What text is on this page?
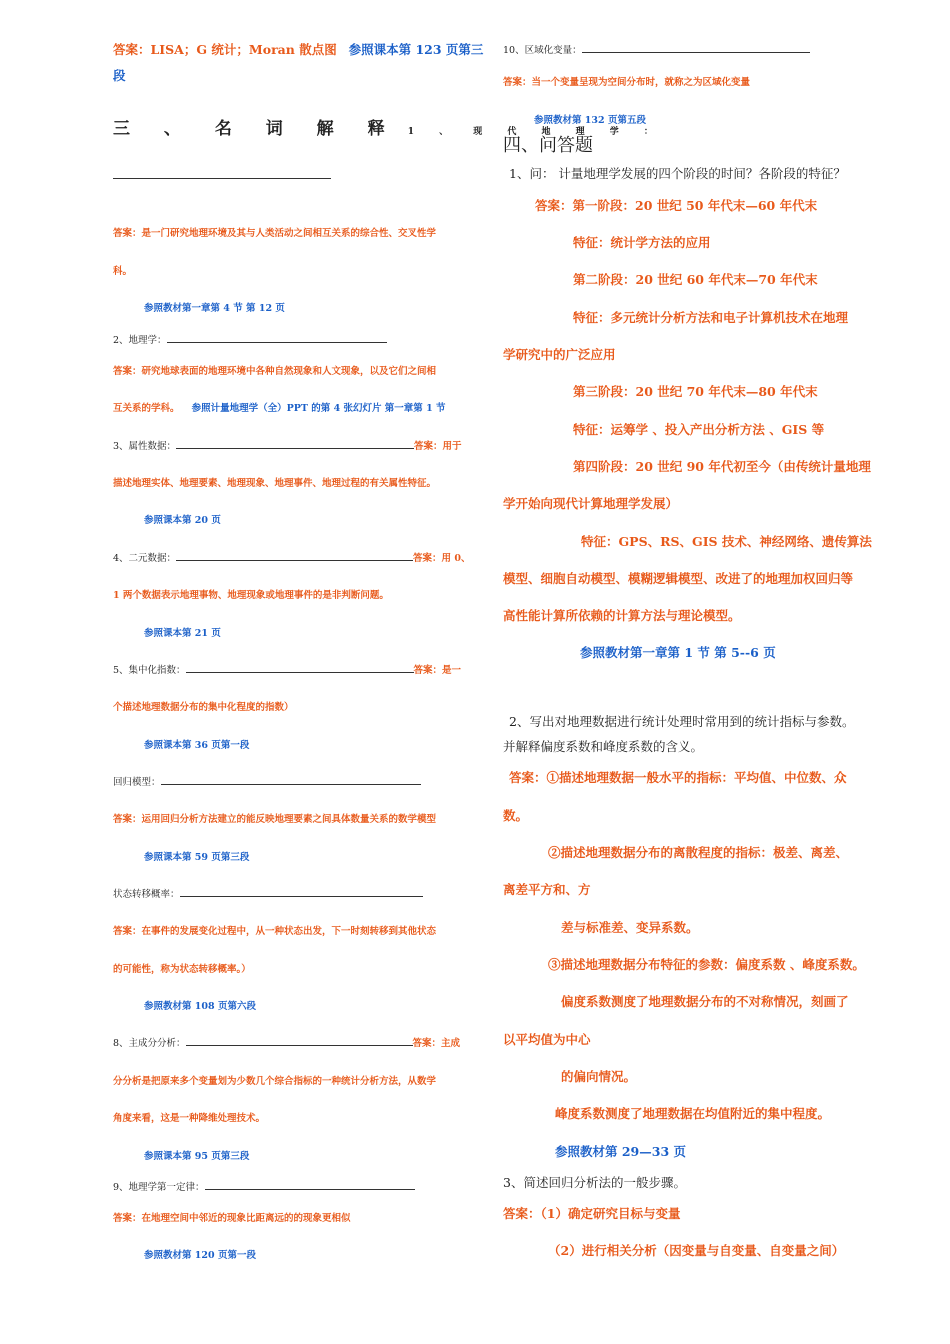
答案：LISA；G 统计；Moran 散点图 参照课本第 123 页第三
段
三 、 名 词 解 释 1 、 现 代 地 理 学 ：
答案：是一门研究地理环境及其与人类活动之间相互关系的综合性、交叉性学
科。
参照教材第一章第 4 节 第 12 页
2、地理学：
答案：研究地球表面的地理环境中各种自然现象和人文现象，以及它们之间相
互关系的学科。 参照计量地理学（全）PPT 的第 4 张幻灯片 第一章第 1 节
3、属性数据：	答案：用于
描述地理实体、地理要素、地理现象、地理事件、地理过程的有关属性特征。
参照课本第 20 页
4、二元数据：	答案：用 0、
1 两个数据表示地理事物、地理现象或地理事件的是非判断问题。
参照课本第 21 页
5、集中化指数：	答案：是一
个描述地理数据分布的集中化程度的指数）
参照课本第 36 页第一段
回归模型：
答案：运用回归分析方法建立的能反映地理要素之间具体数量关系的数学模型
参照课本第 59 页第三段
状态转移概率：
答案：在事件的发展变化过程中，从一种状态出发，下一时刻转移到其他状态
的可能性，称为状态转移概率。）
参照教材第 108 页第六段
8、主成分分析：	答案：主成
分分析是把原来多个变量划为少数几个综合指标的一种统计分析方法，从数学
角度来看，这是一种降维处理技术。
参照课本第 95 页第三段
9、地理学第一定律：
答案：在地理空间中邻近的现象比距离远的的现象更相似
参照教材第 120 页第一段
10、区域化变量：
答案：当一个变量呈现为空间分布时，就称之为区域化变量
参照教材第 132 页第五段
四、问答题
1、问： 计量地理学发展的四个阶段的时间？各阶段的特征？
答案：第一阶段：20 世纪 50 年代末—60 年代末
特征：统计学方法的应用
第二阶段：20 世纪 60 年代末—70 年代末
特征：多元统计分析方法和电子计算机技术在地理
学研究中的广泛应用
第三阶段：20 世纪 70 年代末—80 年代末
特征：运筹学 、投入产出分析方法 、GIS 等
第四阶段：20 世纪 90 年代初至今（由传统计量地理
学开始向现代计算地理学发展）
特征：GPS、RS、GIS 技术、神经网络、遗传算法
模型、细胞自动模型、模糊逻辑模型、改进了的地理加权回归等
高性能计算所依赖的计算方法与理论模型。
参照教材第一章第 1 节 第 5--6 页
2、写出对地理数据进行统计处理时常用到的统计指标与参数。
并解释偏度系数和峰度系数的含义。
答案：①描述地理数据一般水平的指标：平均值、中位数、众
数。
②描述地理数据分布的离散程度的指标：极差、离差、
离差平方和、方
差与标准差、变异系数。
③描述地理数据分布特征的参数：偏度系数 、峰度系数。
偏度系数测度了地理数据分布的不对称情况，刻画了
以平均值为中心
的偏向情况。
峰度系数测度了地理数据在均值附近的集中程度。
参照教材第 29—33 页
3、简述回归分析法的一般步骤。
答案：（1）确定研究目标与变量
（2）进行相关分析（因变量与自变量、自变量之间）
